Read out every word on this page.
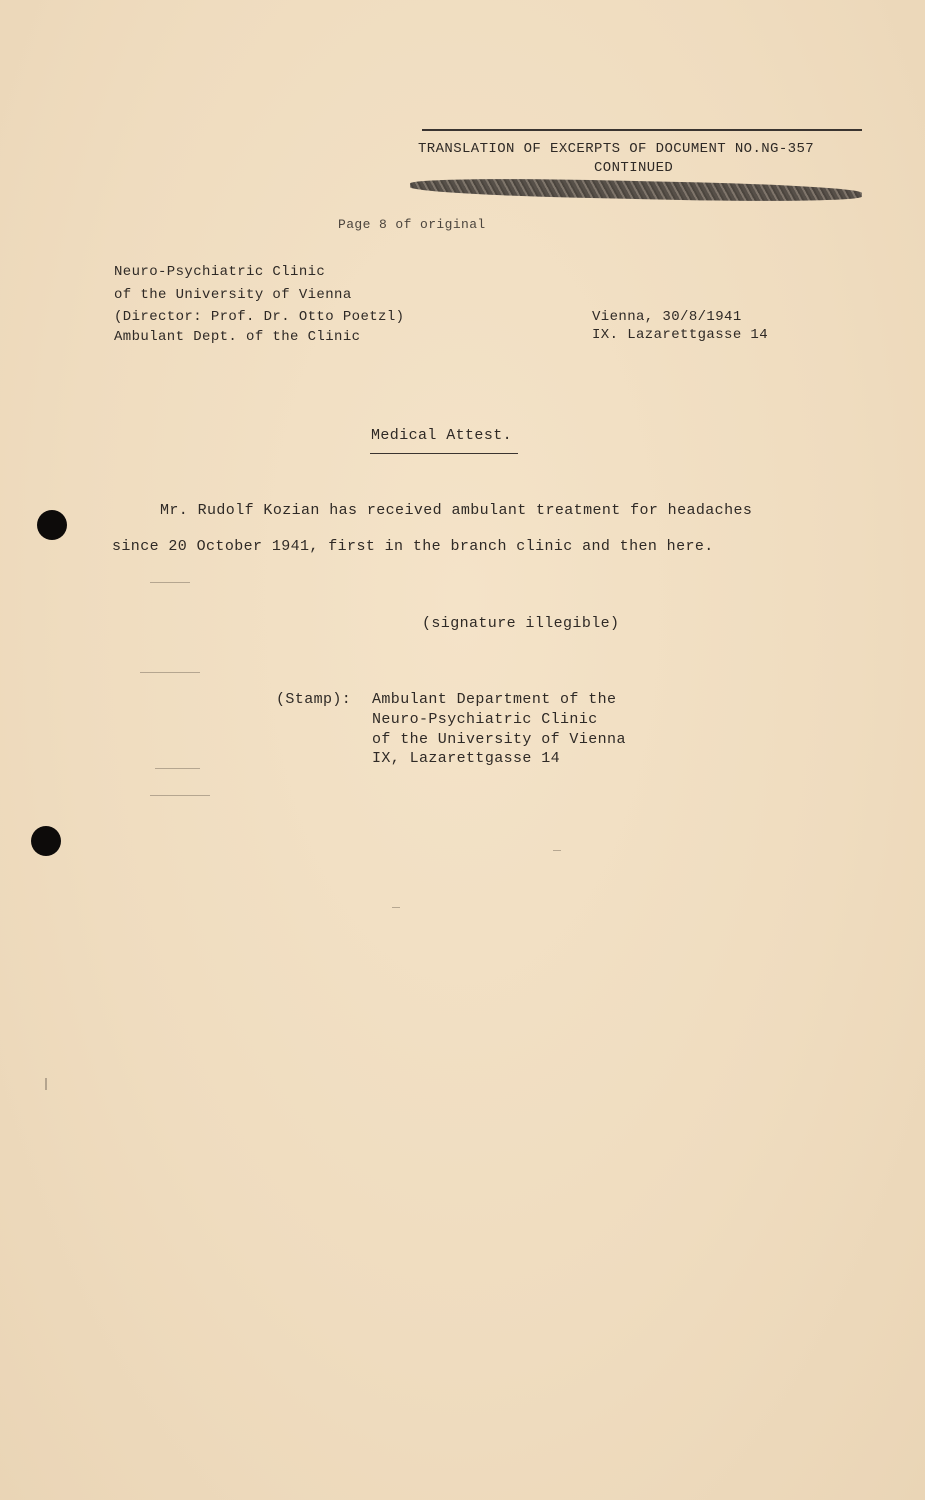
TRANSLATION OF EXCERPTS OF DOCUMENT NO.NG-357
CONTINUED
Page 8 of original
Neuro-Psychiatric Clinic
of the University of Vienna
(Director: Prof. Dr. Otto Poetzl)
Ambulant Dept. of the Clinic
Vienna, 30/8/1941
IX. Lazarettgasse 14
Medical Attest.
Mr. Rudolf Kozian has received ambulant treatment for headaches
since 20 October 1941, first in the branch clinic and then here.
(signature illegible)
(Stamp): Ambulant Department of the
Neuro-Psychiatric Clinic
of the University of Vienna
IX, Lazarettgasse 14
